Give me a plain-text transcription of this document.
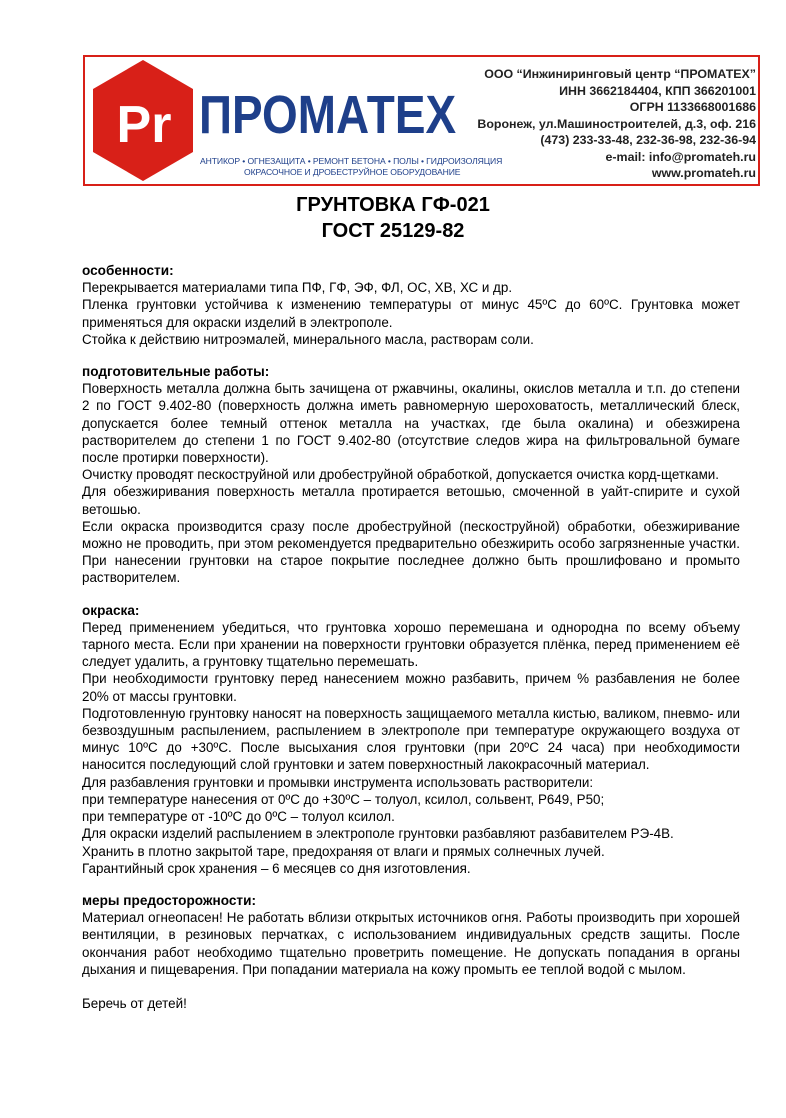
Pr ПРОМАТЕХ
АНТИКОР • ОГНЕЗАЩИТА • РЕМОНТ БЕТОНА • ПОЛЫ • ГИДРОИЗОЛЯЦИЯ
ОКРАСОЧНОЕ И ДРОБЕСТРУЙНОЕ ОБОРУДОВАНИЕ
ООО “Инжиниринговый центр “ПРОМАТЕХ”
ИНН 3662184404, КПП 366201001
ОГРН 1133668001686
Воронеж, ул.Машиностроителей, д.3, оф. 216
(473) 233-33-48, 232-36-98, 232-36-94
e-mail: info@promateh.ru
www.promateh.ru
ГРУНТОВКА ГФ-021
ГОСТ 25129-82

особенности:

Перекрывается материалами типа ПФ, ГФ, ЭФ, ФЛ, ОС, ХВ, ХС и др.

Пленка грунтовки устойчива к изменению температуры от минус 45ºС до 60ºС. Грунтовка может применяться для окраски изделий в электрополе.

Стойка к действию нитроэмалей, минерального масла, растворам соли.

подготовительные работы:

Поверхность металла должна быть зачищена от ржавчины, окалины, окислов металла и т.п. до степени 2 по ГОСТ 9.402-80 (поверхность должна иметь равномерную шероховатость, металлический блеск, допускается более темный оттенок металла на участках, где была окалина) и обезжирена растворителем до степени 1 по ГОСТ 9.402-80 (отсутствие следов жира на фильтровальной бумаге после протирки поверхности).

Очистку проводят пескоструйной или дробеструйной обработкой, допускается очистка корд-щетками.

Для обезжиривания поверхность металла протирается ветошью, смоченной в уайт-спирите и сухой ветошью.

Если окраска производится сразу после дробеструйной (пескоструйной) обработки, обезжиривание можно не проводить, при этом рекомендуется предварительно обезжирить особо загрязненные участки. При нанесении грунтовки на старое покрытие последнее должно быть прошлифовано и промыто растворителем.

окраска:

Перед применением убедиться, что грунтовка хорошо перемешана и однородна по всему объему тарного места. Если при хранении на поверхности грунтовки образуется плёнка, перед применением её следует удалить, а грунтовку тщательно перемешать.

При необходимости грунтовку перед нанесением можно разбавить, причем % разбавления не более 20% от массы грунтовки.

Подготовленную грунтовку наносят на поверхность защищаемого металла кистью, валиком, пневмо- или безвоздушным распылением, распылением в электрополе при температуре окружающего воздуха от минус 10ºС до +30ºС. После высыхания слоя грунтовки (при 20ºС 24 часа) при необходимости наносится последующий слой грунтовки и затем поверхностный лакокрасочный материал.

Для разбавления грунтовки и промывки инструмента использовать растворители:

при температуре нанесения от 0ºС до +30ºС – толуол, ксилол, сольвент, Р649, Р50;

при температуре от -10ºС до 0ºС – толуол ксилол.

Для окраски изделий распылением в электрополе грунтовки разбавляют разбавителем РЭ-4В.

Хранить в плотно закрытой таре, предохраняя от влаги и прямых солнечных лучей.

Гарантийный срок хранения – 6 месяцев со дня изготовления.

меры предосторожности:

Материал огнеопасен! Не работать вблизи открытых источников огня. Работы производить при хорошей вентиляции, в резиновых перчатках, с использованием индивидуальных средств защиты. После окончания работ необходимо тщательно проветрить помещение. Не допускать попадания в органы дыхания и пищеварения. При попадании материала на кожу промыть ее теплой водой с мылом.

Беречь от детей!
